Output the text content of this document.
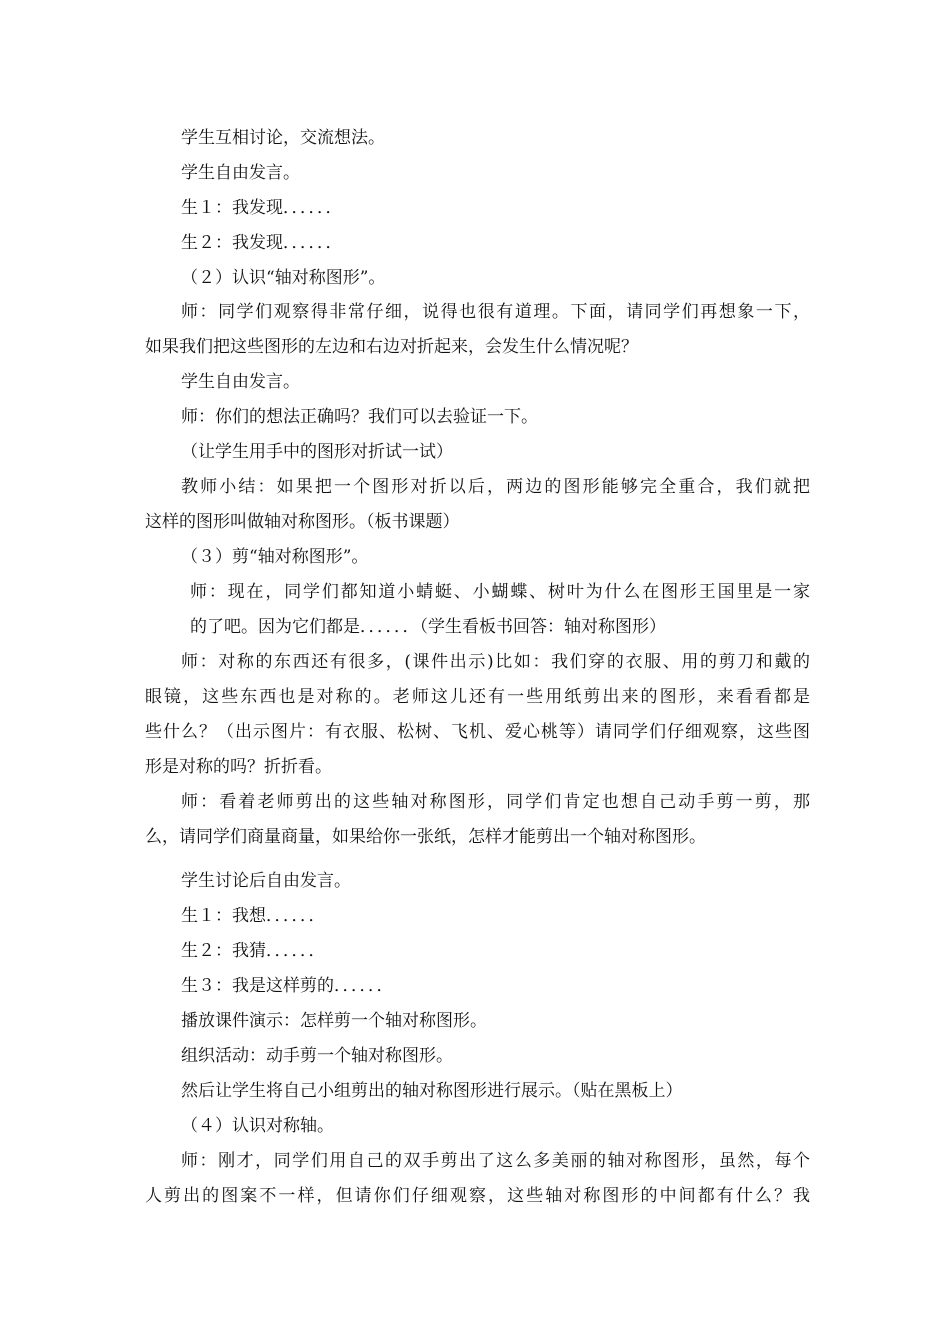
学生互相讨论，交流想法。

学生自由发言。

生１：我发现．．．．．．

生２：我发现．．．．．．

（２）认识“轴对称图形”。

师：同学们观察得非常仔细，说得也很有道理。下面，请同学们再想象一下，
如果我们把这些图形的左边和右边对折起来，会发生什么情况呢？

学生自由发言。

师：你们的想法正确吗？我们可以去验证一下。

（让学生用手中的图形对折试一试）

教师小结：如果把一个图形对折以后，两边的图形能够完全重合，我们就把
这样的图形叫做轴对称图形。（板书课题）

（３）剪“轴对称图形”。

师：现在，同学们都知道小蜻蜓、小蝴蝶、树叶为什么在图形王国里是一家
的了吧。因为它们都是．．．．．．（学生看板书回答：轴对称图形）

师：对称的东西还有很多，(课件出示)比如：我们穿的衣服、用的剪刀和戴的
眼镜，这些东西也是对称的。老师这儿还有一些用纸剪出来的图形，来看看都是
些什么？（出示图片：有衣服、松树、飞机、爱心桃等）请同学们仔细观察，这些图
形是对称的吗？折折看。

师：看着老师剪出的这些轴对称图形，同学们肯定也想自己动手剪一剪，那
么，请同学们商量商量，如果给你一张纸，怎样才能剪出一个轴对称图形。

学生讨论后自由发言。

生１：我想．．．．．．

生２：我猜．．．．．．

生３：我是这样剪的．．．．．．

播放课件演示：怎样剪一个轴对称图形。

组织活动：动手剪一个轴对称图形。

然后让学生将自己小组剪出的轴对称图形进行展示。（贴在黑板上）

（４）认识对称轴。

师：刚才，同学们用自己的双手剪出了这么多美丽的轴对称图形，虽然，每个
人剪出的图案不一样，但请你们仔细观察，这些轴对称图形的中间都有什么？我
